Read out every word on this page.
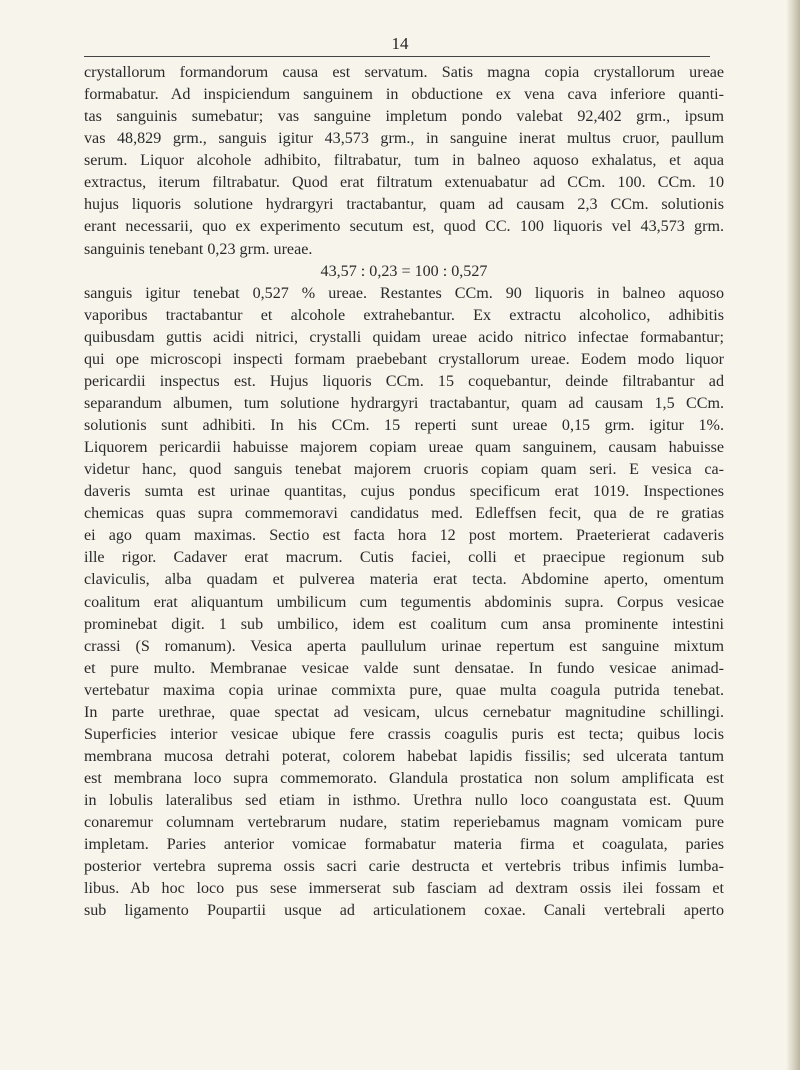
14
crystallorum formandorum causa est servatum. Satis magna copia crystallorum ureae
formabatur. Ad inspiciendum sanguinem in obductione ex vena cava inferiore quanti-
tas sanguinis sumebatur; vas sanguine impletum pondo valebat 92,402 grm., ipsum
vas 48,829 grm., sanguis igitur 43,573 grm., in sanguine inerat multus cruor, paullum
serum. Liquor alcohole adhibito, filtrabatur, tum in balneo aquoso exhalatus, et aqua
extractus, iterum filtrabatur. Quod erat filtratum extenuabatur ad CCm. 100. CCm. 10
hujus liquoris solutione hydrargyri tractabantur, quam ad causam 2,3 CCm. solutionis
erant necessarii, quo ex experimento secutum est, quod CC. 100 liquoris vel 43,573 grm.
sanguinis tenebant 0,23 grm. ureae.
43,57 : 0,23 = 100 : 0,527
sanguis igitur tenebat 0,527 % ureae. Restantes CCm. 90 liquoris in balneo aquoso
vaporibus tractabantur et alcohole extrahebantur. Ex extractu alcoholico, adhibitis
quibusdam guttis acidi nitrici, crystalli quidam ureae acido nitrico infectae formabantur;
qui ope microscopi inspecti formam praebebant crystallorum ureae. Eodem modo liquor
pericardii inspectus est. Hujus liquoris CCm. 15 coquebantur, deinde filtrabantur ad
separandum albumen, tum solutione hydrargyri tractabantur, quam ad causam 1,5 CCm.
solutionis sunt adhibiti. In his CCm. 15 reperti sunt ureae 0,15 grm. igitur 1%.
Liquorem pericardii habuisse majorem copiam ureae quam sanguinem, causam habuisse
videtur hanc, quod sanguis tenebat majorem cruoris copiam quam seri. E vesica ca-
daveris sumta est urinae quantitas, cujus pondus specificum erat 1019. Inspectiones
chemicas quas supra commemoravi candidatus med. Edleffsen fecit, qua de re gratias
ei ago quam maximas. Sectio est facta hora 12 post mortem. Praeterierat cadaveris
ille rigor. Cadaver erat macrum. Cutis faciei, colli et praecipue regionum sub
claviculis, alba quadam et pulverea materia erat tecta. Abdomine aperto, omentum
coalitum erat aliquantum umbilicum cum tegumentis abdominis supra. Corpus vesicae
prominebat digit. 1 sub umbilico, idem est coalitum cum ansa prominente intestini
crassi (S romanum). Vesica aperta paullulum urinae repertum est sanguine mixtum
et pure multo. Membranae vesicae valde sunt densatae. In fundo vesicae animad-
vertebatur maxima copia urinae commixta pure, quae multa coagula putrida tenebat.
In parte urethrae, quae spectat ad vesicam, ulcus cernebatur magnitudine schillingi.
Superficies interior vesicae ubique fere crassis coagulis puris est tecta; quibus locis
membrana mucosa detrahi poterat, colorem habebat lapidis fissilis; sed ulcerata tantum
est membrana loco supra commemorato. Glandula prostatica non solum amplificata est
in lobulis lateralibus sed etiam in isthmo. Urethra nullo loco coangustata est. Quum
conaremur columnam vertebrarum nudare, statim reperiebamus magnam vomicam pure
impletam. Paries anterior vomicae formabatur materia firma et coagulata, paries
posterior vertebra suprema ossis sacri carie destructa et vertebris tribus infimis lumba-
libus. Ab hoc loco pus sese immerserat sub fasciam ad dextram ossis ilei fossam et
sub ligamento Poupartii usque ad articulationem coxae. Canali vertebrali aperto
